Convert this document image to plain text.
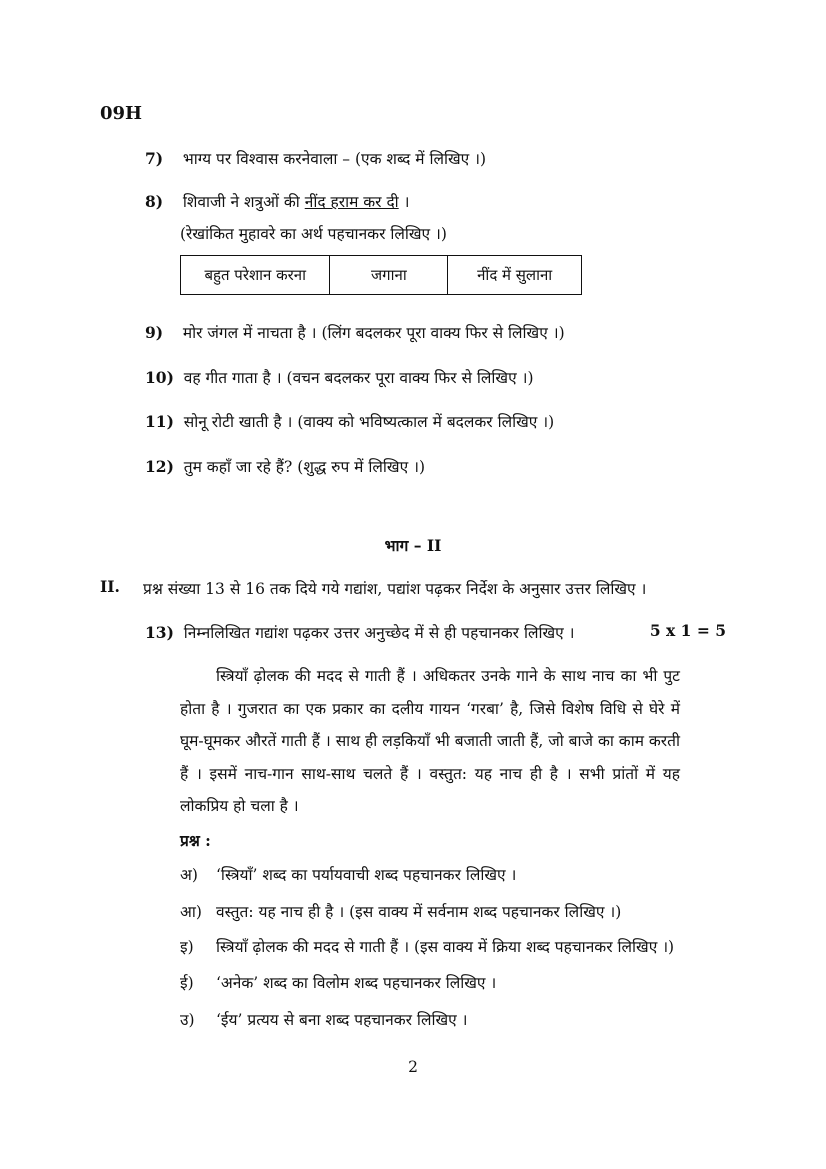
09H
7) भाग्य पर विश्वास करनेवाला – (एक शब्द में लिखिए ।)
8) शिवाजी ने शत्रुओं की नींद हराम कर दी ।
(रेखांकित मुहावरे का अर्थ पहचानकर लिखिए ।)
बहुत परेशान करना	जगाना	नींद में सुलाना
9) मोर जंगल में नाचता है । (लिंग बदलकर पूरा वाक्य फिर से लिखिए ।)
10) वह गीत गाता है । (वचन बदलकर पूरा वाक्य फिर से लिखिए ।)
11) सोनू रोटी खाती है । (वाक्य को भविष्यत्काल में बदलकर लिखिए ।)
12) तुम कहाँ जा रहे हैं? (शुद्ध रुप में लिखिए ।)
भाग – II
II. प्रश्न संख्या 13 से 16 तक दिये गये गद्यांश, पद्यांश पढ़कर निर्देश के अनुसार उत्तर लिखिए ।
13) निम्नलिखित गद्यांश पढ़कर उत्तर अनुच्छेद में से ही पहचानकर लिखिए ।	5 x 1 = 5

स्त्रियाँ ढ़ोलक की मदद से गाती हैं । अधिकतर उनके गाने के साथ नाच का भी पुट होता है । गुजरात का एक प्रकार का दलीय गायन ‘गरबा’ है, जिसे विशेष विधि से घेरे में घूम-घूमकर औरतें गाती हैं । साथ ही लड़कियाँ भी बजाती जाती हैं, जो बाजे का काम करती हैं । इसमें नाच-गान साथ-साथ चलते हैं । वस्तुत: यह नाच ही है । सभी प्रांतों में यह लोकप्रिय हो चला है ।

प्रश्न :
अ) ‘स्त्रियाँ’ शब्द का पर्यायवाची शब्द पहचानकर लिखिए ।
आ) वस्तुत: यह नाच ही है । (इस वाक्य में सर्वनाम शब्द पहचानकर लिखिए ।)
इ) स्त्रियाँ ढ़ोलक की मदद से गाती हैं । (इस वाक्य में क्रिया शब्द पहचानकर लिखिए ।)
ई) ‘अनेक’ शब्द का विलोम शब्द पहचानकर लिखिए ।
उ) ‘ईय’ प्रत्यय से बना शब्द पहचानकर लिखिए ।
2
